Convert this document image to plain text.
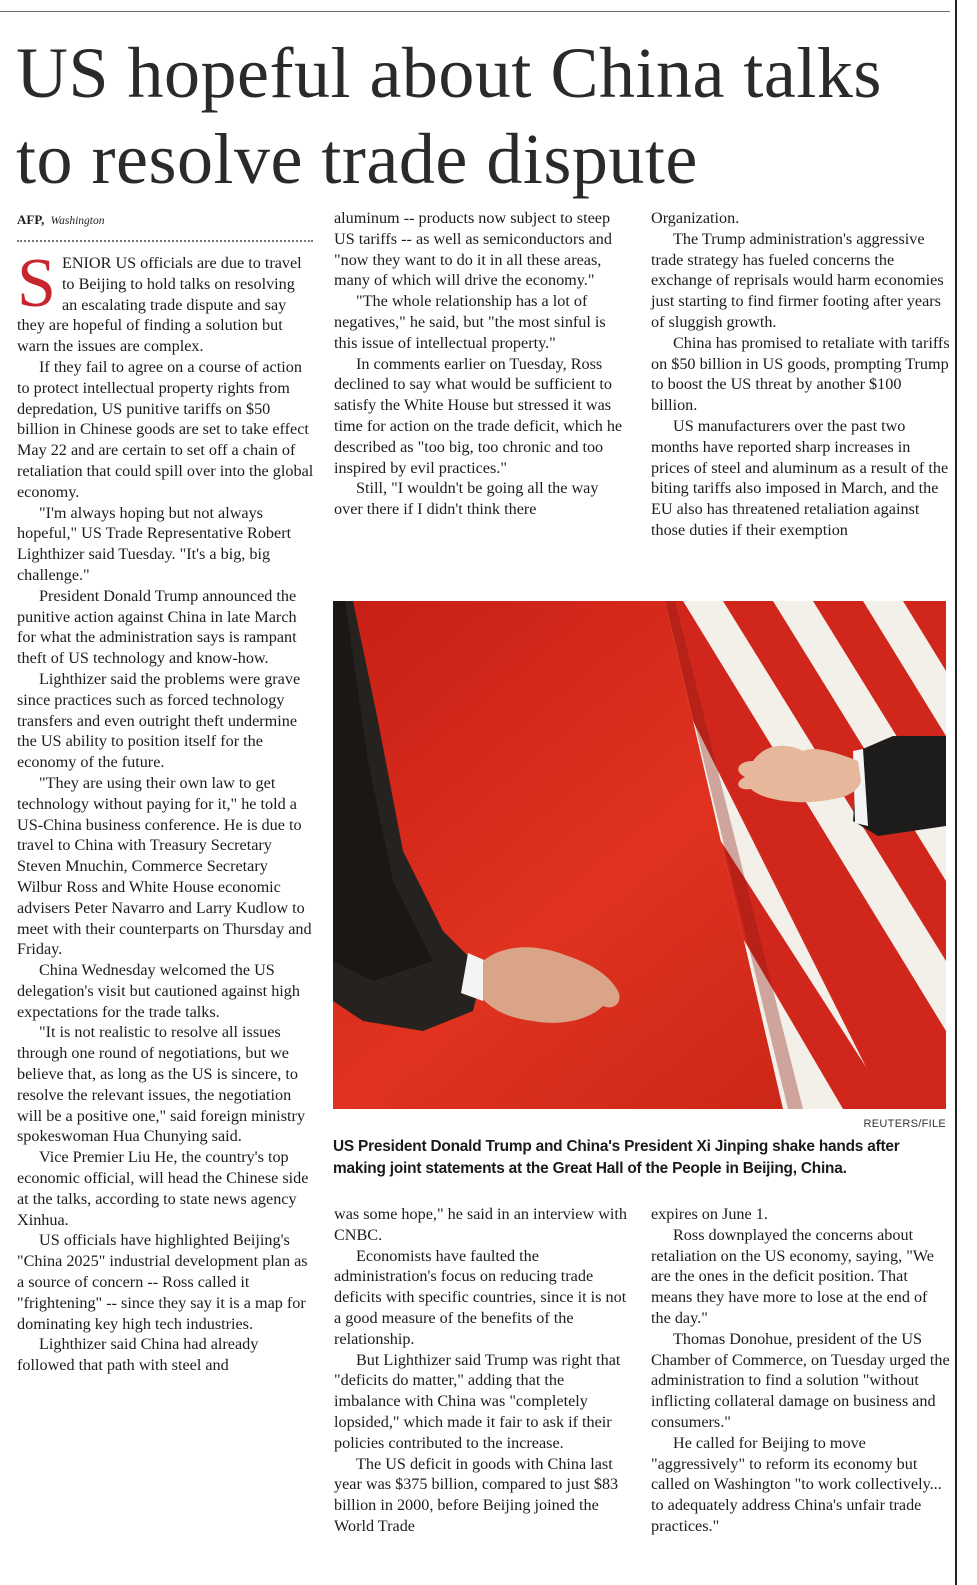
US hopeful about China talks
to resolve trade dispute
AFP, Washington

SENIOR US officials are due to travel to Beijing to hold talks on resolving an escalating trade dispute and say they are hopeful of finding a solution but warn the issues are complex.

If they fail to agree on a course of action to protect intellectual property rights from depredation, US punitive tariffs on $50 billion in Chinese goods are set to take effect May 22 and are certain to set off a chain of retaliation that could spill over into the global economy.

"I'm always hoping but not always hopeful," US Trade Representative Robert Lighthizer said Tuesday. "It's a big, big challenge."

President Donald Trump announced the punitive action against China in late March for what the administration says is rampant theft of US technology and know-how.

Lighthizer said the problems were grave since practices such as forced technology transfers and even outright theft undermine the US ability to position itself for the economy of the future.

"They are using their own law to get technology without paying for it," he told a US-China business conference. He is due to travel to China with Treasury Secretary Steven Mnuchin, Commerce Secretary Wilbur Ross and White House economic advisers Peter Navarro and Larry Kudlow to meet with their counterparts on Thursday and Friday.

China Wednesday welcomed the US delegation's visit but cautioned against high expectations for the trade talks.

"It is not realistic to resolve all issues through one round of negotiations, but we believe that, as long as the US is sincere, to resolve the relevant issues, the negotiation will be a positive one," said foreign ministry spokeswoman Hua Chunying said.

Vice Premier Liu He, the country's top economic official, will head the Chinese side at the talks, according to state news agency Xinhua.

US officials have highlighted Beijing's "China 2025" industrial development plan as a source of concern -- Ross called it "frightening" -- since they say it is a map for dominating key high tech industries.

Lighthizer said China had already followed that path with steel and

aluminum -- products now subject to steep US tariffs -- as well as semiconductors and "now they want to do it in all these areas, many of which will drive the economy."

"The whole relationship has a lot of negatives," he said, but "the most sinful is this issue of intellectual property."

In comments earlier on Tuesday, Ross declined to say what would be sufficient to satisfy the White House but stressed it was time for action on the trade deficit, which he described as "too big, too chronic and too inspired by evil practices."

Still, "I wouldn't be going all the way over there if I didn't think there

Organization.

The Trump administration's aggressive trade strategy has fueled concerns the exchange of reprisals would harm economies just starting to find firmer footing after years of sluggish growth.

China has promised to retaliate with tariffs on $50 billion in US goods, prompting Trump to boost the US threat by another $100 billion.

US manufacturers over the past two months have reported sharp increases in prices of steel and aluminum as a result of the biting tariffs also imposed in March, and the EU also has threatened retaliation against those duties if their exemption

REUTERS/FILE

US President Donald Trump and China's President Xi Jinping shake hands after making joint statements at the Great Hall of the People in Beijing, China.

was some hope," he said in an interview with CNBC.

Economists have faulted the administration's focus on reducing trade deficits with specific countries, since it is not a good measure of the benefits of the relationship.

But Lighthizer said Trump was right that "deficits do matter," adding that the imbalance with China was "completely lopsided," which made it fair to ask if their policies contributed to the increase.

The US deficit in goods with China last year was $375 billion, compared to just $83 billion in 2000, before Beijing joined the World Trade

expires on June 1.

Ross downplayed the concerns about retaliation on the US economy, saying, "We are the ones in the deficit position. That means they have more to lose at the end of the day."

Thomas Donohue, president of the US Chamber of Commerce, on Tuesday urged the administration to find a solution "without inflicting collateral damage on business and consumers."

He called for Beijing to move "aggressively" to reform its economy but called on Washington "to work collectively... to adequately address China's unfair trade practices."
